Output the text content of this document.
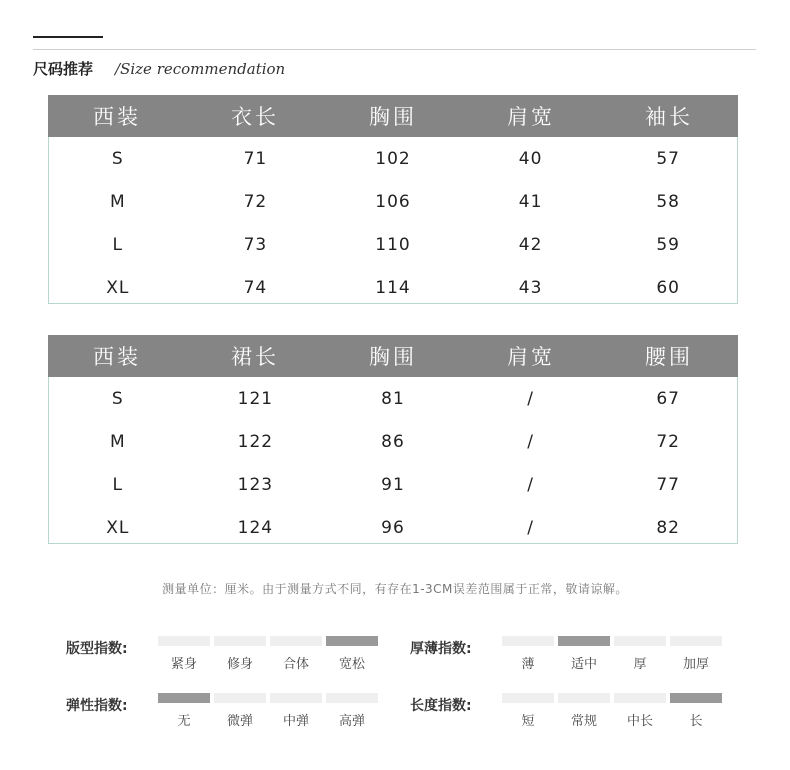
尺码推荐 /Size recommendation
西装	衣长	胸围	肩宽	袖长
S	71	102	40	57
M	72	106	41	58
L	73	110	42	59
XL	74	114	43	60
西装	裙长	胸围	肩宽	腰围
S	121	81	/	67
M	122	86	/	72
L	123	91	/	77
XL	124	96	/	82
测量单位：厘米。由于测量方式不同，有存在1-3CM误差范围属于正常，敬请谅解。
版型指数:
紧身	修身	合体	宽松
厚薄指数:
薄	适中	厚	加厚
弹性指数:
无	微弹	中弹	高弹
长度指数:
短	常规	中长	长
